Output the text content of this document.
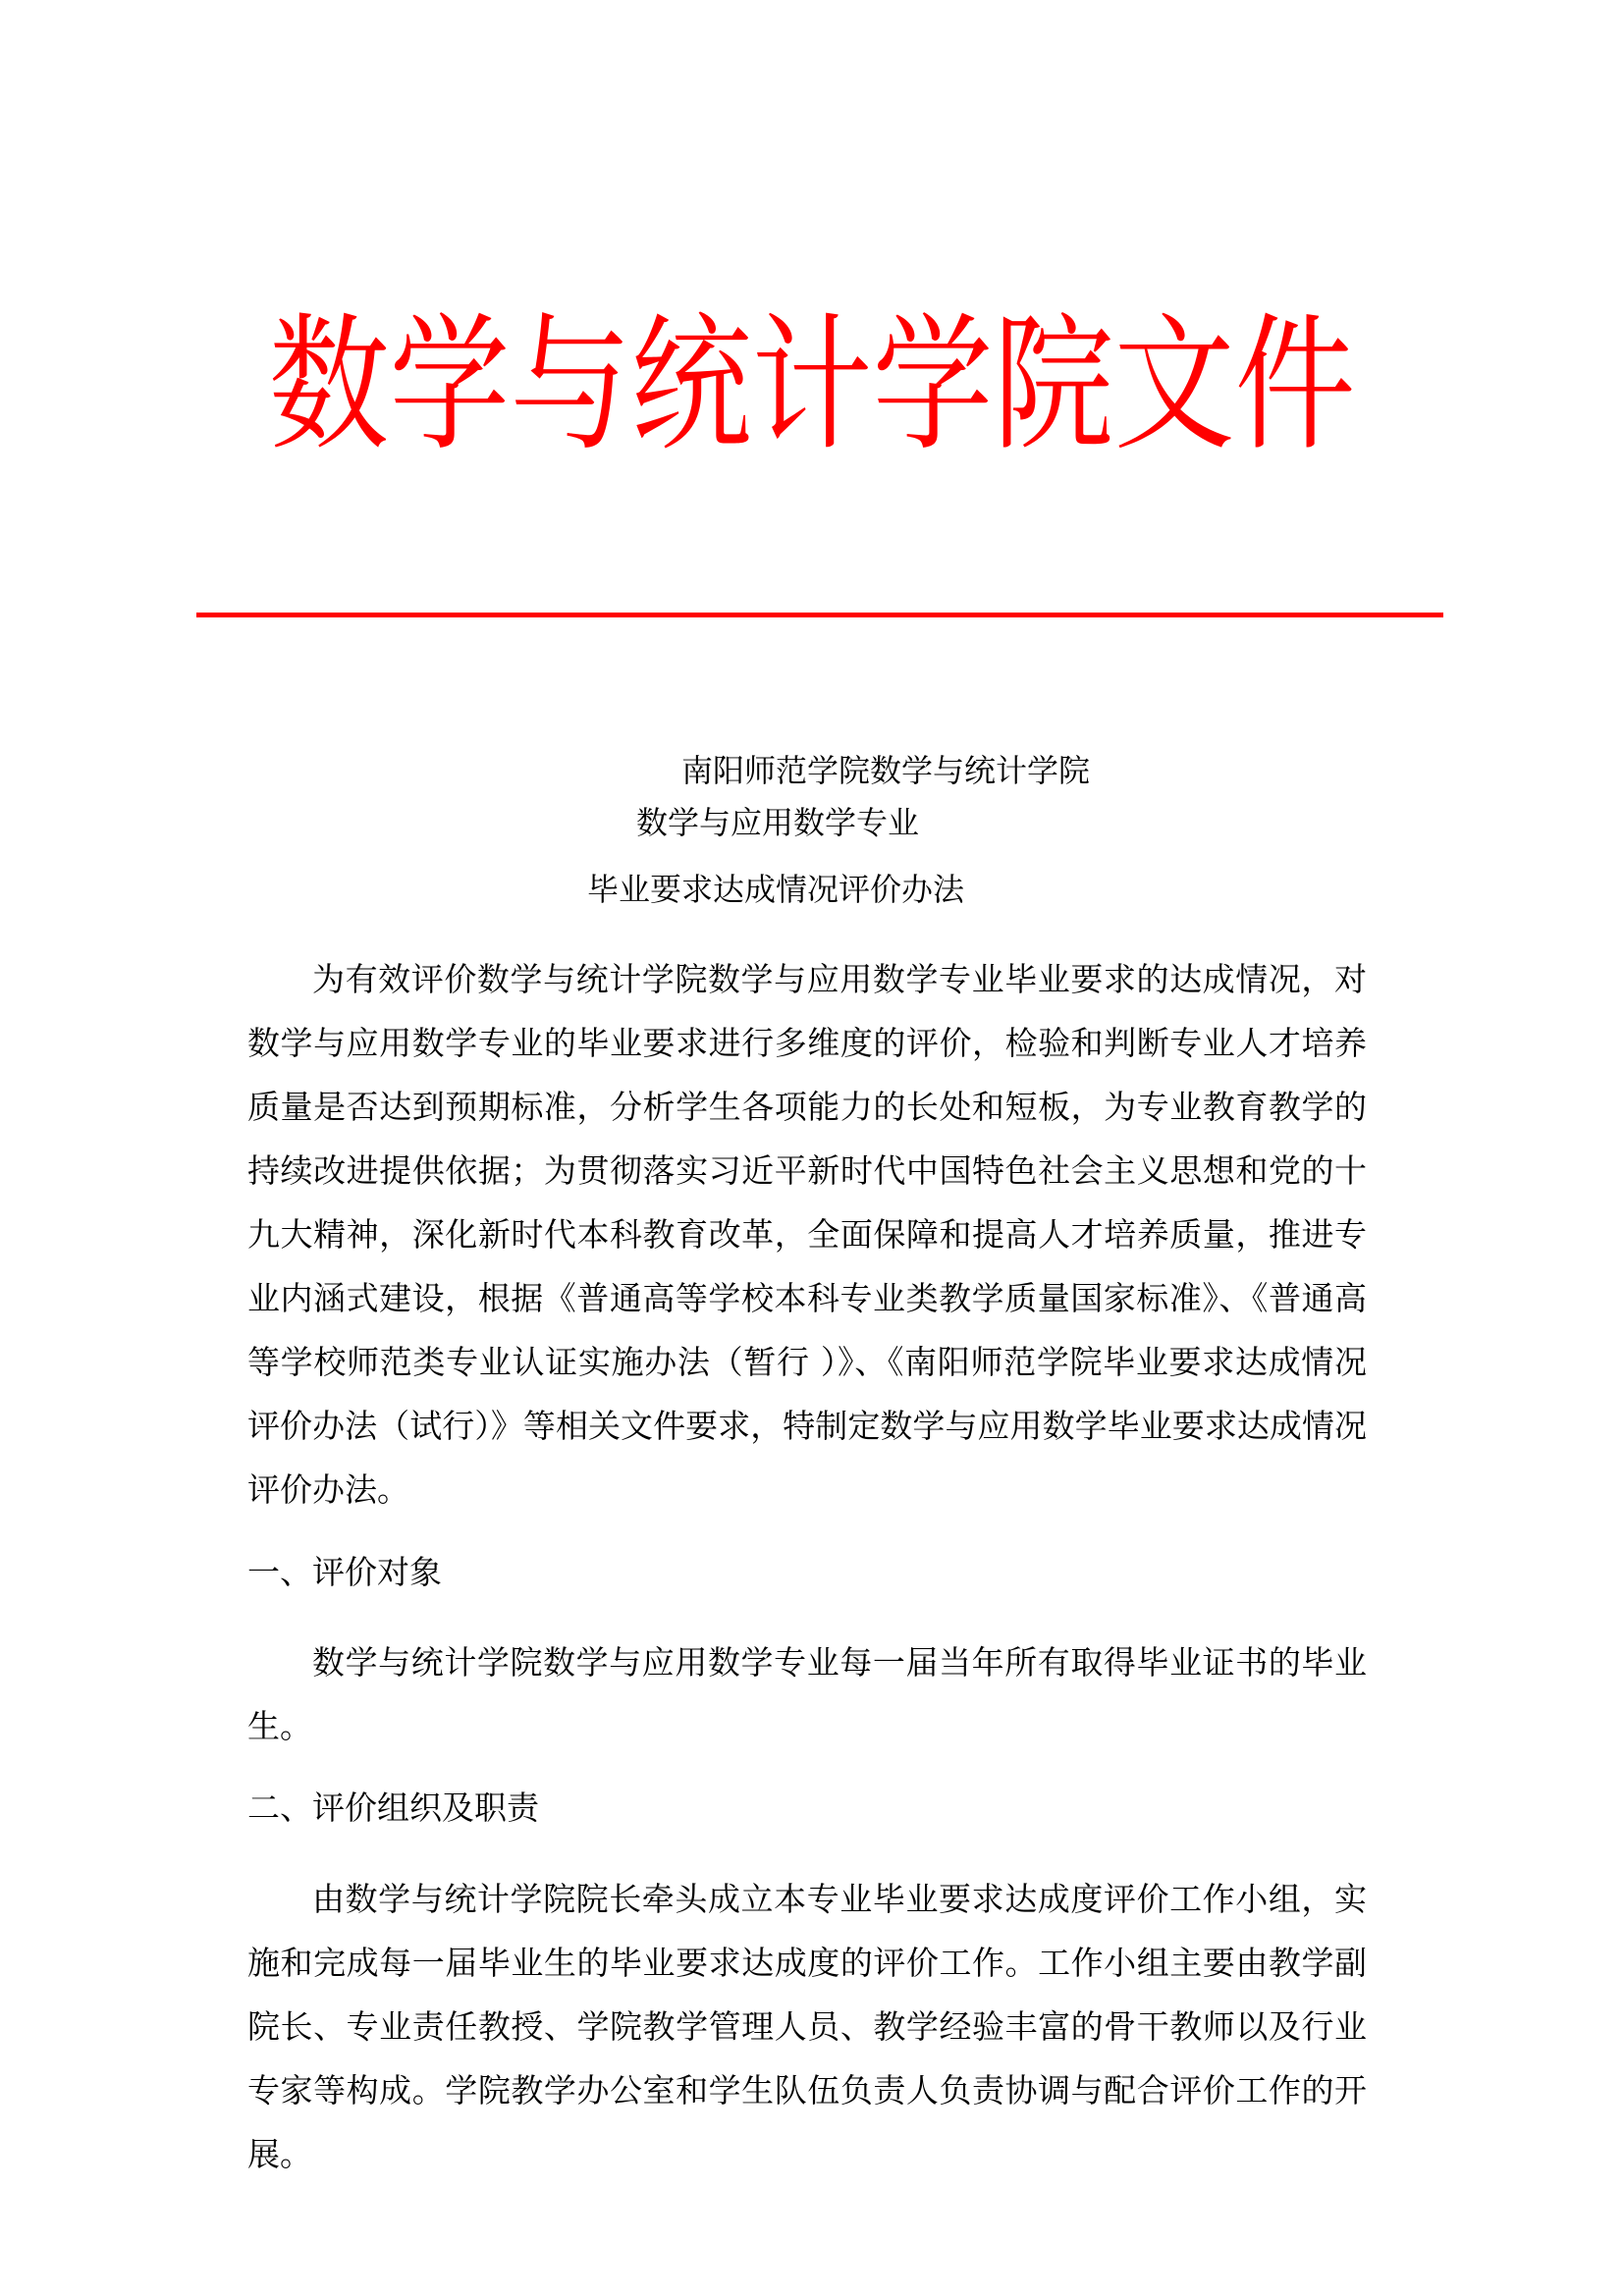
数学与统计学院文件
南阳师范学院数学与统计学院
数学与应用数学专业
毕业要求达成情况评价办法

为有效评价数学与统计学院数学与应用数学专业毕业要求的达成情况，对数学与应用数学专业的毕业要求进行多维度的评价，检验和判断专业人才培养质量是否达到预期标准，分析学生各项能力的长处和短板，为专业教育教学的持续改进提供依据；为贯彻落实习近平新时代中国特色社会主义思想和党的十九大精神，深化新时代本科教育改革，全面保障和提高人才培养质量，推进专业内涵式建设，根据《普通高等学校本科专业类教学质量国家标准》、《普通高等学校师范类专业认证实施办法（暂行 ）》、《南阳师范学院毕业要求达成情况评价办法（试行）》等相关文件要求，特制定数学与应用数学毕业要求达成情况评价办法。

一、评价对象

数学与统计学院数学与应用数学专业每一届当年所有取得毕业证书的毕业生。

二、评价组织及职责

由数学与统计学院院长牵头成立本专业毕业要求达成度评价工作小组，实施和完成每一届毕业生的毕业要求达成度的评价工作。工作小组主要由教学副院长、专业责任教授、学院教学管理人员、教学经验丰富的骨干教师以及行业专家等构成。学院教学办公室和学生队伍负责人负责协调与配合评价工作的开展。
